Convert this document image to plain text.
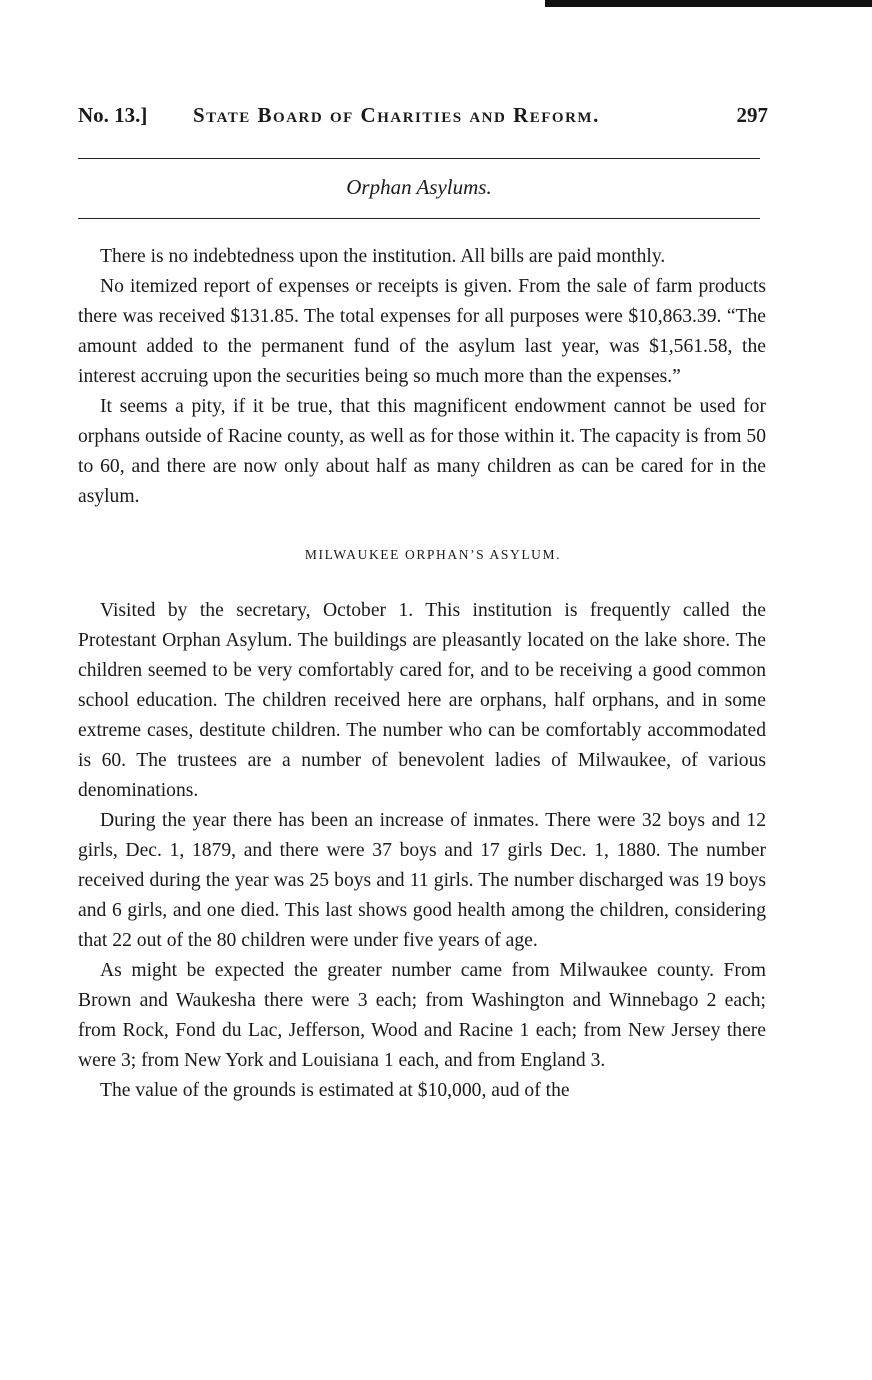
No. 13.] State Board of Charities and Reform.	297
Orphan Asylums.

There is no indebtedness upon the institution. All bills are paid monthly.

No itemized report of expenses or receipts is given. From the sale of farm products there was received $131.85. The total expenses for all purposes were $10,863.39. “The amount added to the permanent fund of the asylum last year, was $1,561.58, the interest accruing upon the securities being so much more than the expenses.”

It seems a pity, if it be true, that this magnificent endowment cannot be used for orphans outside of Racine county, as well as for those within it. The capacity is from 50 to 60, and there are now only about half as many children as can be cared for in the asylum.

MILWAUKEE ORPHAN’S ASYLUM.

Visited by the secretary, October 1. This institution is frequently called the Protestant Orphan Asylum. The buildings are pleasantly located on the lake shore. The children seemed to be very comfortably cared for, and to be receiving a good common school education. The children received here are orphans, half orphans, and in some extreme cases, destitute children. The number who can be comfortably accommodated is 60. The trustees are a number of benevolent ladies of Milwaukee, of various denominations.

During the year there has been an increase of inmates. There were 32 boys and 12 girls, Dec. 1, 1879, and there were 37 boys and 17 girls Dec. 1, 1880. The number received during the year was 25 boys and 11 girls. The number discharged was 19 boys and 6 girls, and one died. This last shows good health among the children, considering that 22 out of the 80 children were under five years of age.

As might be expected the greater number came from Milwaukee county. From Brown and Waukesha there were 3 each; from Washington and Winnebago 2 each; from Rock, Fond du Lac, Jefferson, Wood and Racine 1 each; from New Jersey there were 3; from New York and Louisiana 1 each, and from England 3.

The value of the grounds is estimated at $10,000, aud of the
